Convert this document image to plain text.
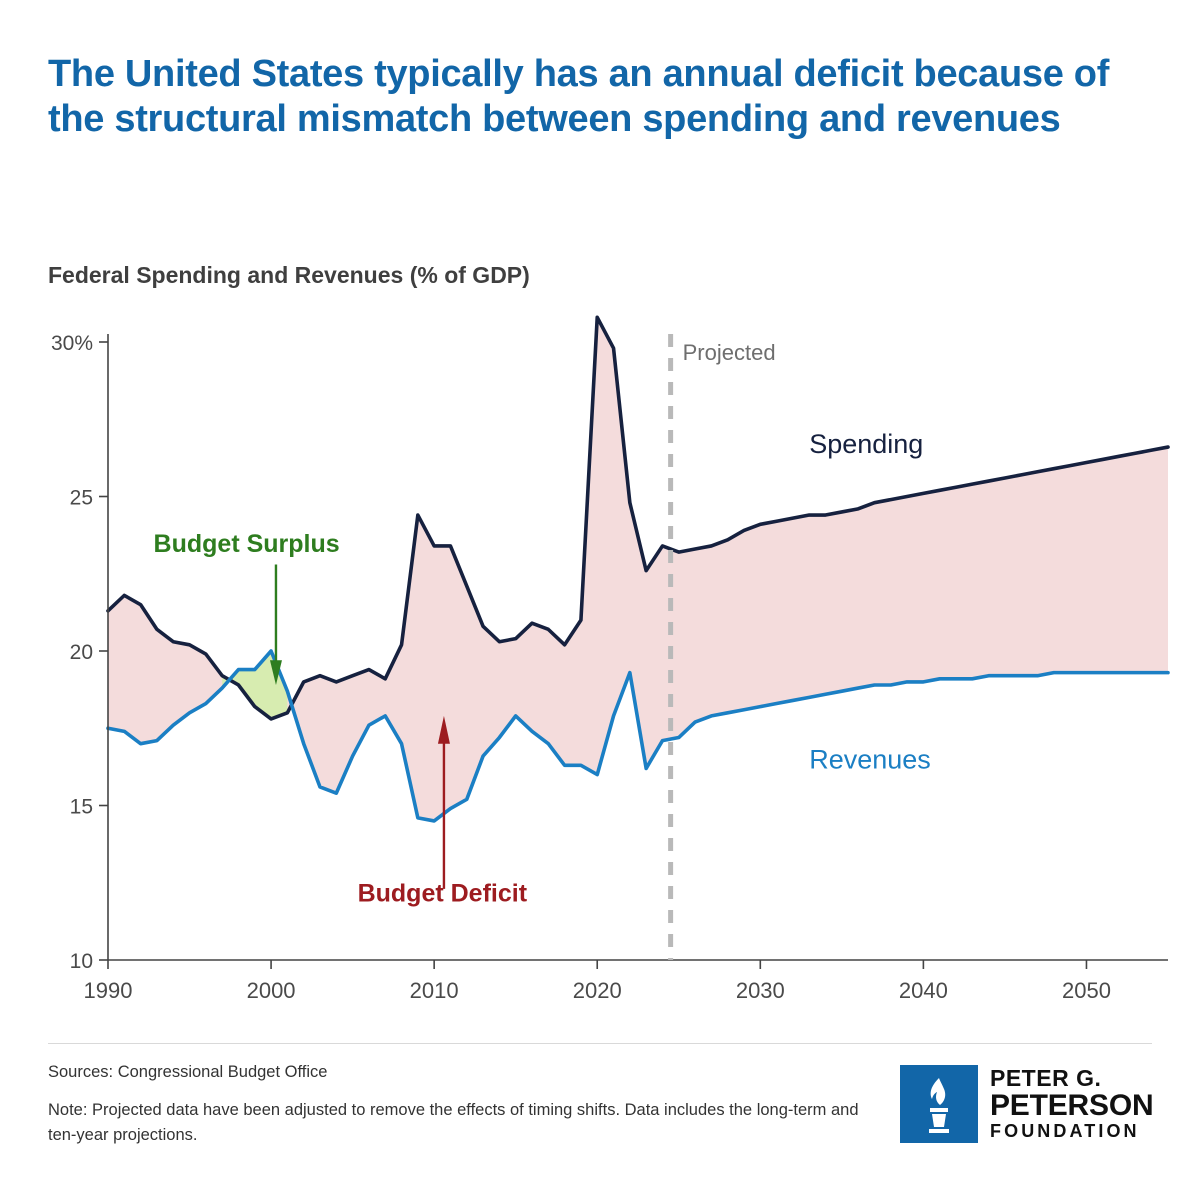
The United States typically has an annual deficit because of the structural mismatch between spending and revenues
Federal Spending and Revenues (% of GDP)
10
15
20
25
30%
1990	2000	2010	2020	2030	2040	2050
Projected
Spending
Revenues
Budget Surplus
Budget Deficit
Sources: Congressional Budget Office
Note: Projected data have been adjusted to remove the effects of timing shifts. Data includes the long-term and ten-year projections.
PETER G.
PETERSON
FOUNDATION
